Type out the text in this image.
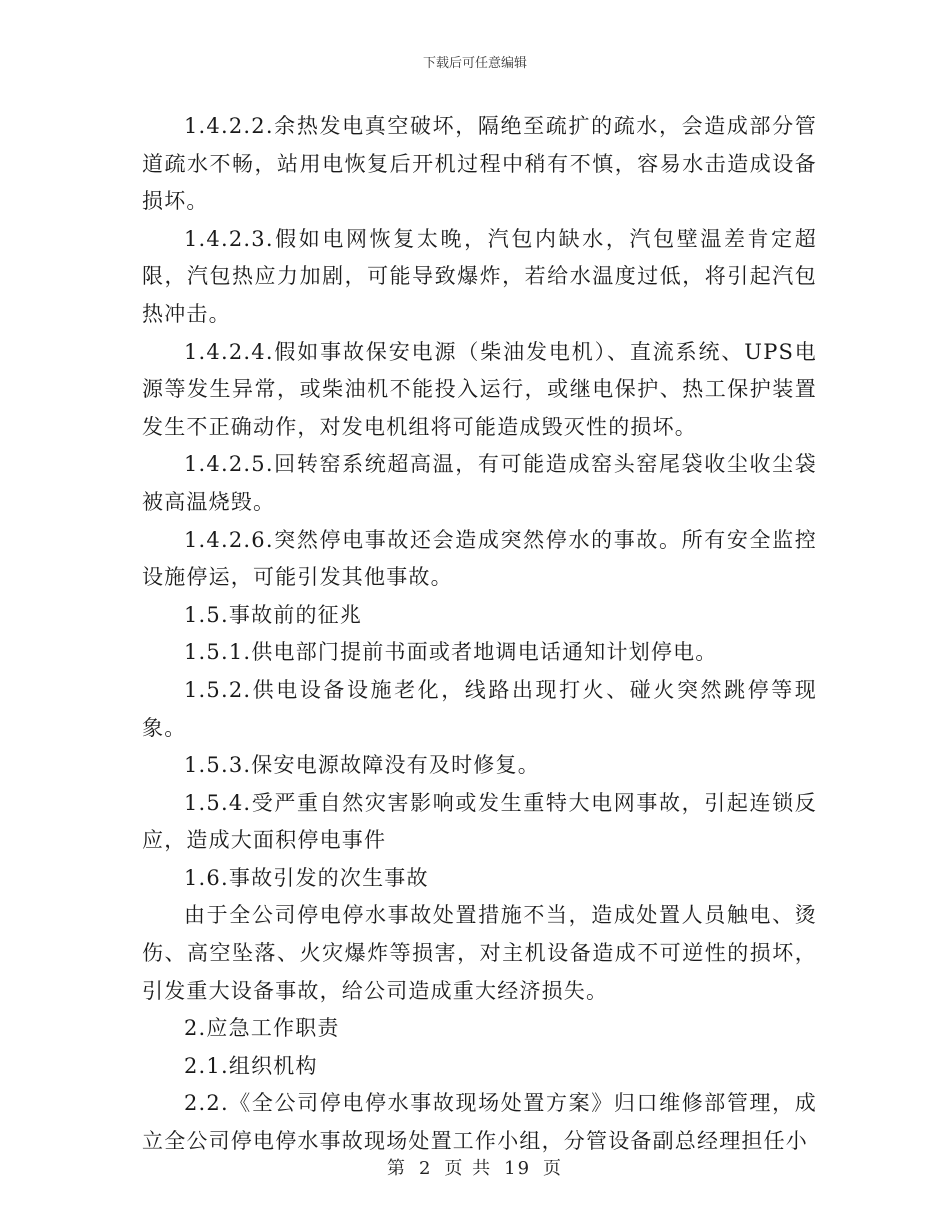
下载后可任意编辑

1.4.2.2.余热发电真空破坏，隔绝至疏扩的疏水，会造成部分管道疏水不畅，站用电恢复后开机过程中稍有不慎，容易水击造成设备损坏。

1.4.2.3.假如电网恢复太晚，汽包内缺水，汽包壁温差肯定超限，汽包热应力加剧，可能导致爆炸，若给水温度过低，将引起汽包热冲击。

1.4.2.4.假如事故保安电源（柴油发电机）、直流系统、UPS电源等发生异常，或柴油机不能投入运行，或继电保护、热工保护装置发生不正确动作，对发电机组将可能造成毁灭性的损坏。

1.4.2.5.回转窑系统超高温，有可能造成窑头窑尾袋收尘收尘袋被高温烧毁。

1.4.2.6.突然停电事故还会造成突然停水的事故。所有安全监控设施停运，可能引发其他事故。

1.5.事故前的征兆

1.5.1.供电部门提前书面或者地调电话通知计划停电。

1.5.2.供电设备设施老化，线路出现打火、碰火突然跳停等现象。

1.5.3.保安电源故障没有及时修复。

1.5.4.受严重自然灾害影响或发生重特大电网事故，引起连锁反应，造成大面积停电事件

1.6.事故引发的次生事故

由于全公司停电停水事故处置措施不当，造成处置人员触电、烫伤、高空坠落、火灾爆炸等损害，对主机设备造成不可逆性的损坏，引发重大设备事故，给公司造成重大经济损失。

2.应急工作职责

2.1.组织机构

2.2.《全公司停电停水事故现场处置方案》归口维修部管理，成立全公司停电停水事故现场处置工作小组，分管设备副总经理担任小

第 2 页 共 19 页
